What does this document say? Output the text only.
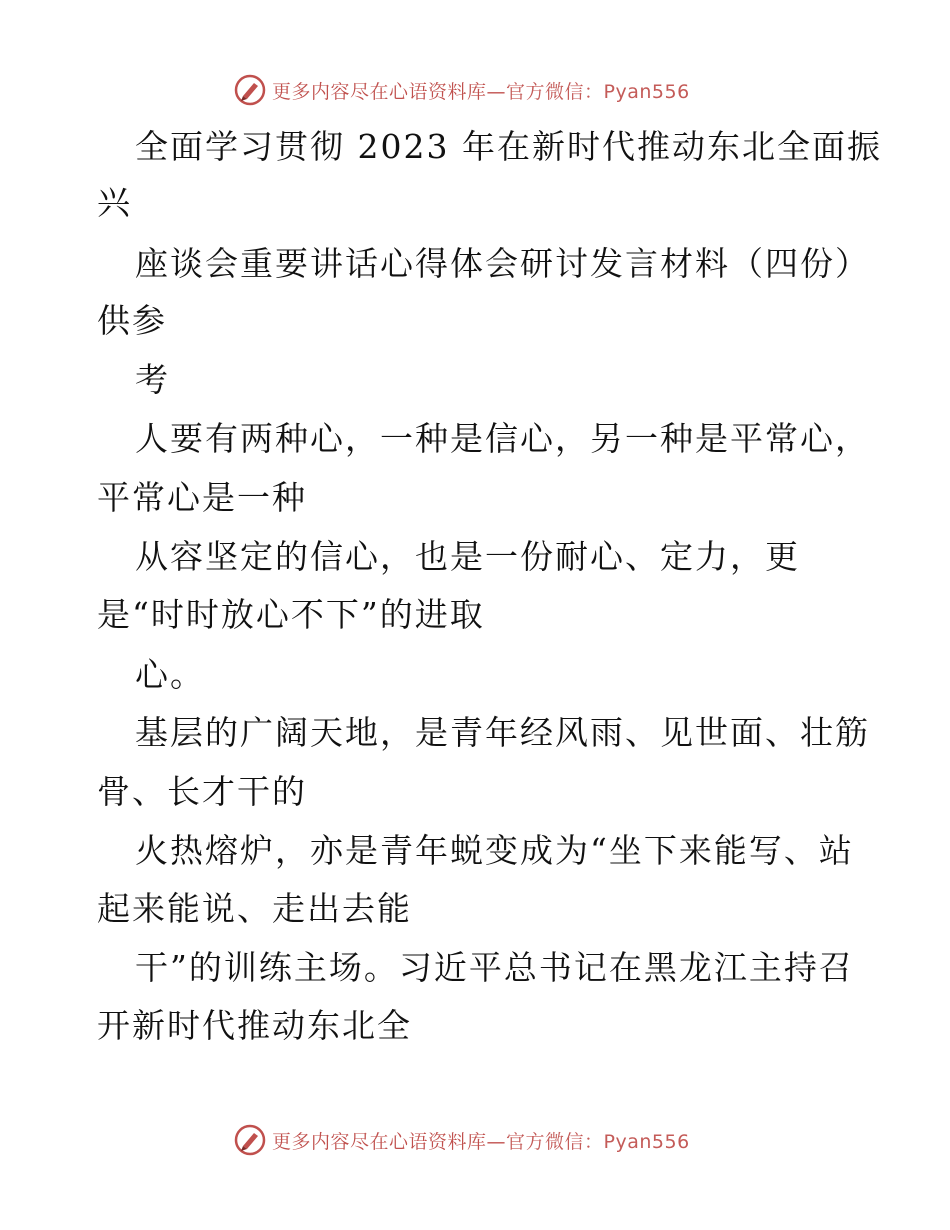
更多内容尽在心语资料库—官方微信：Pyan556
全面学习贯彻 2023 年在新时代推动东北全面振
兴
座谈会重要讲话心得体会研讨发言材料（四份）
供参
考
人要有两种心，一种是信心，另一种是平常心，
平常心是一种
从容坚定的信心，也是一份耐心、定力，更
是“时时放心不下”的进取
心。
基层的广阔天地，是青年经风雨、见世面、壮筋
骨、长才干的
火热熔炉，亦是青年蜕变成为“坐下来能写、站
起来能说、走出去能
干”的训练主场。习近平总书记在黑龙江主持召
开新时代推动东北全
更多内容尽在心语资料库—官方微信：Pyan556
